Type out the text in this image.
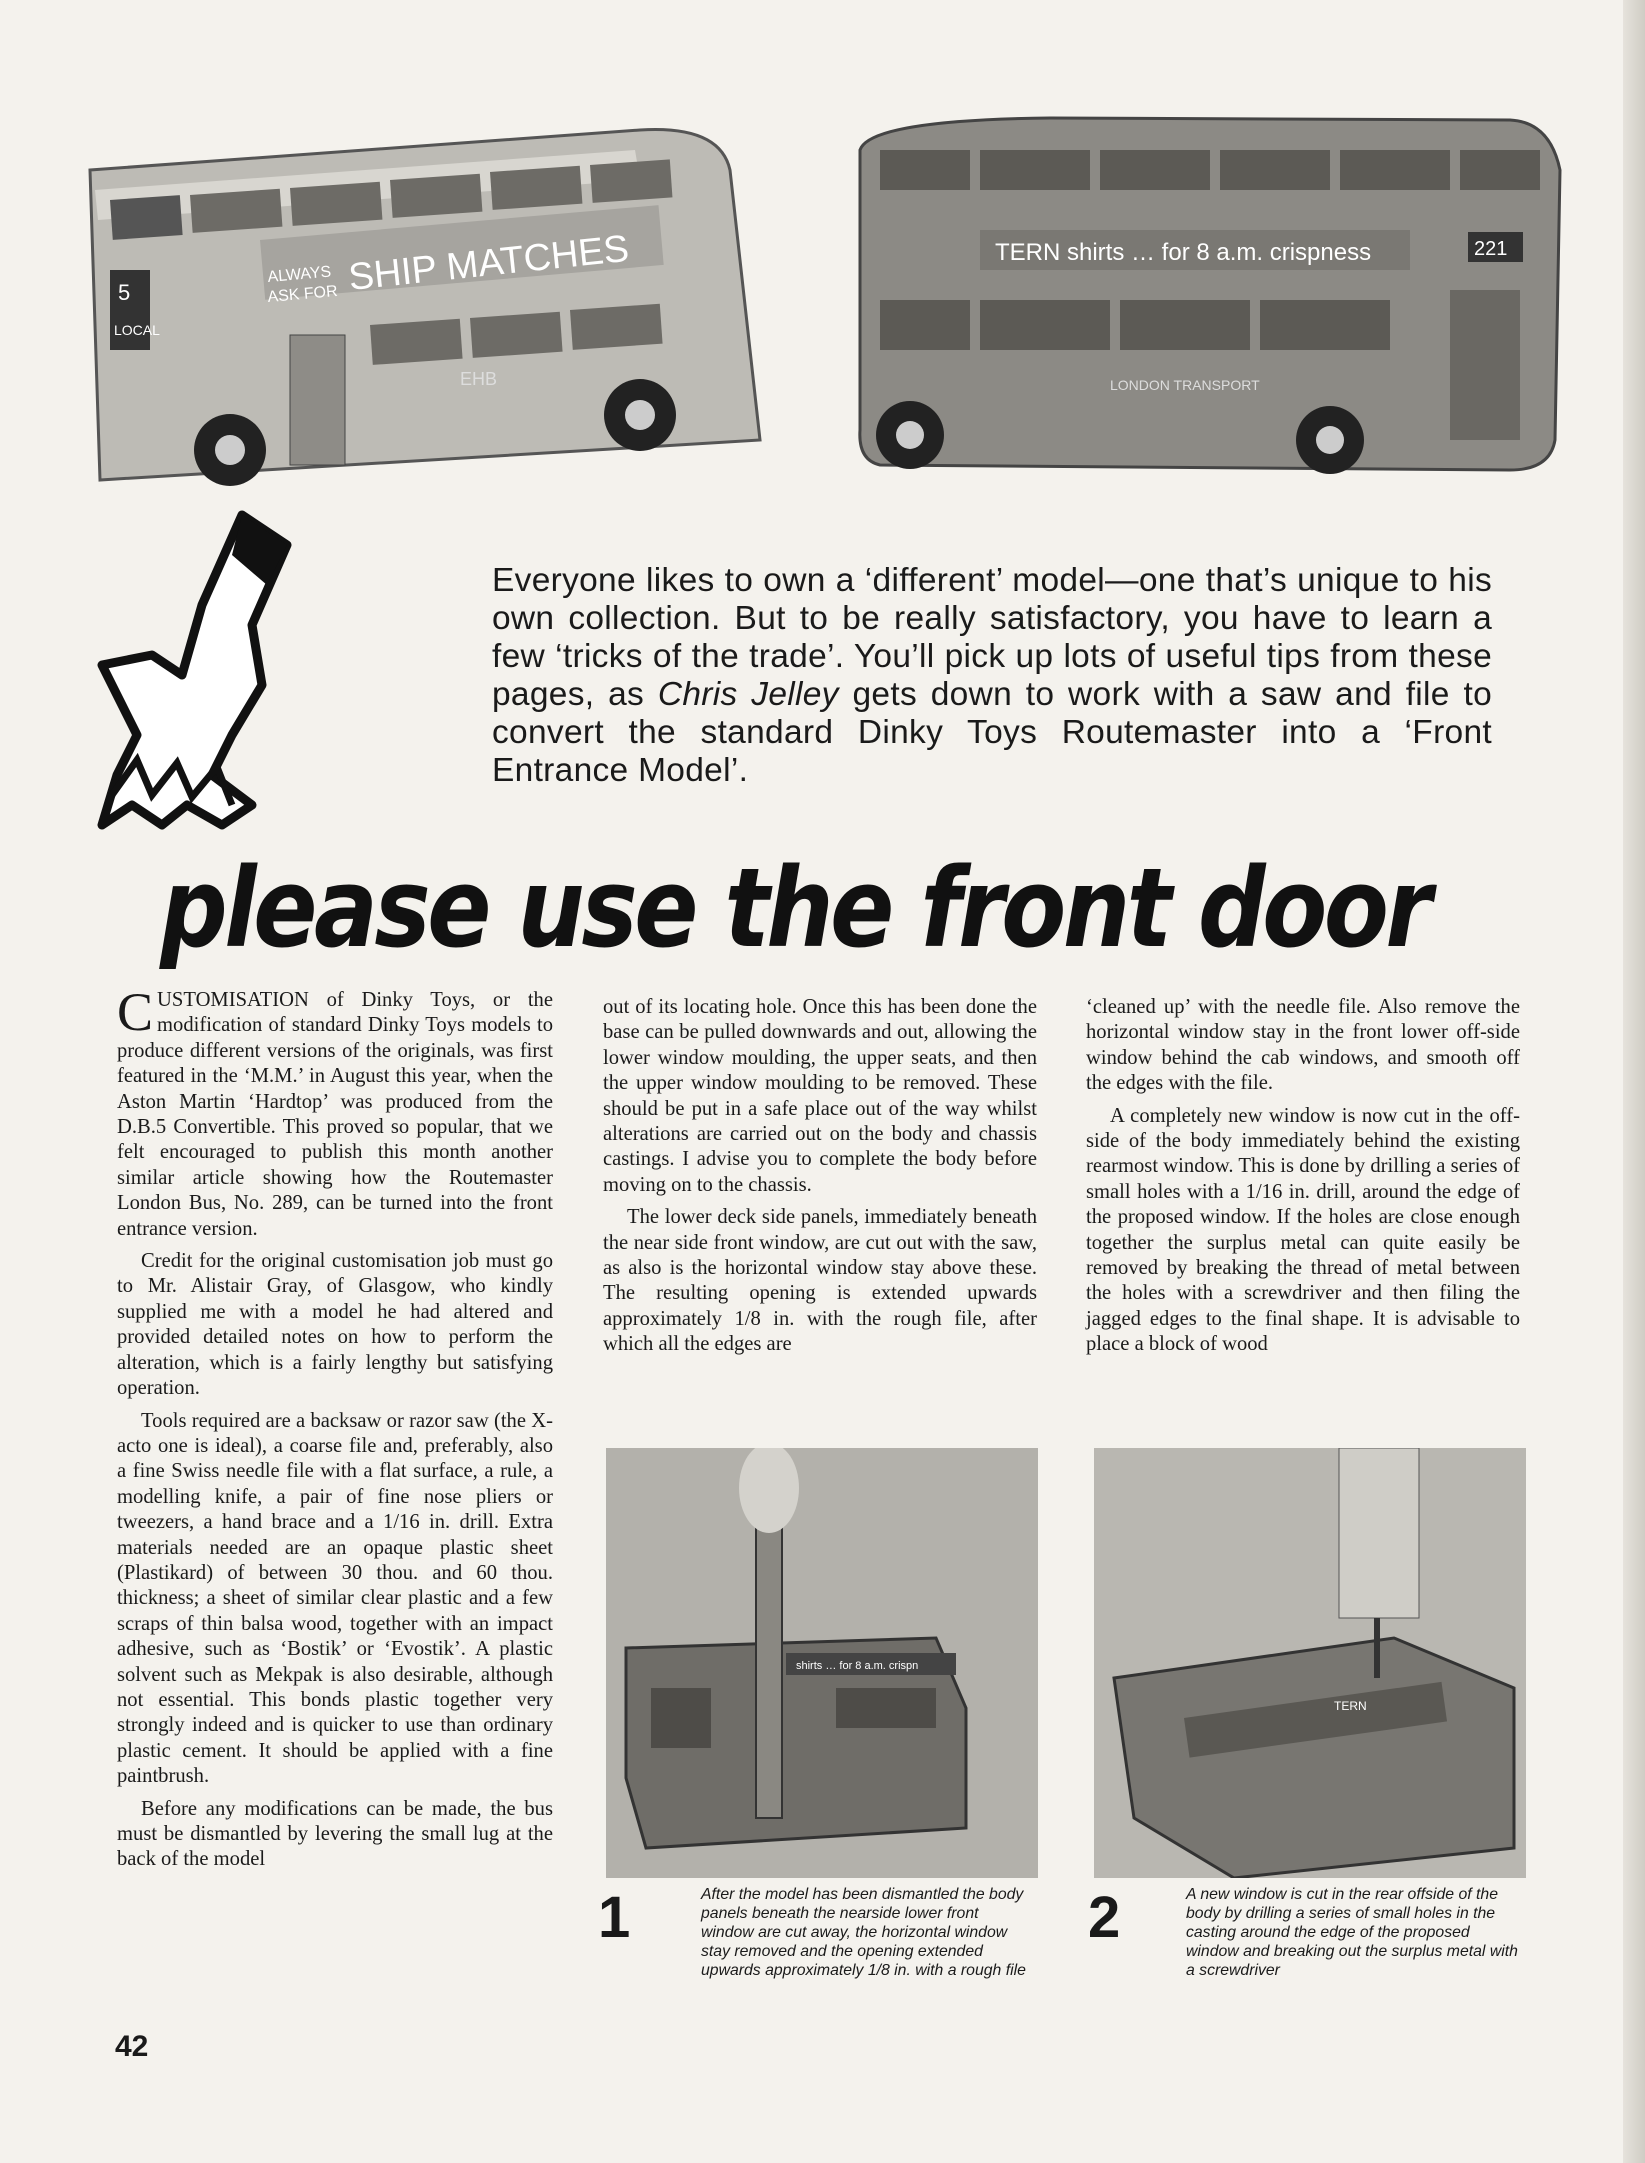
ALWAYS
ASK FOR SHIP MATCHES
5
LOCAL
EHB
TERN shirts … for 8 a.m. crispness	221
LONDON TRANSPORT
Everyone likes to own a ‘different’ model—one that’s unique to his own collection. But to be really satisfactory, you have to learn a few ‘tricks of the trade’. You’ll pick up lots of useful tips from these pages, as Chris Jelley gets down to work with a saw and file to convert the standard Dinky Toys Routemaster into a ‘Front Entrance Model’.
please use the front door

CUSTOMISATION of Dinky Toys, or the modification of standard Dinky Toys models to produce different versions of the originals, was first featured in the ‘M.M.’ in August this year, when the Aston Martin ‘Hardtop’ was produced from the D.B.5 Convertible. This proved so popular, that we felt encouraged to publish this month another similar article showing how the Routemaster London Bus, No. 289, can be turned into the front entrance version.

Credit for the original customisation job must go to Mr. Alistair Gray, of Glasgow, who kindly supplied me with a model he had altered and provided detailed notes on how to perform the alteration, which is a fairly lengthy but satisfying operation.

Tools required are a backsaw or razor saw (the X-acto one is ideal), a coarse file and, preferably, also a fine Swiss needle file with a flat surface, a rule, a modelling knife, a pair of fine nose pliers or tweezers, a hand brace and a 1/16 in. drill. Extra materials needed are an opaque plastic sheet (Plastikard) of between 30 thou. and 60 thou. thickness; a sheet of similar clear plastic and a few scraps of thin balsa wood, together with an impact adhesive, such as ‘Bostik’ or ‘Evostik’. A plastic solvent such as Mekpak is also desirable, although not essential. This bonds plastic together very strongly indeed and is quicker to use than ordinary plastic cement. It should be applied with a fine paintbrush.

Before any modifications can be made, the bus must be dismantled by levering the small lug at the back of the model

out of its locating hole. Once this has been done the base can be pulled downwards and out, allowing the lower window moulding, the upper seats, and then the upper window moulding to be removed. These should be put in a safe place out of the way whilst alterations are carried out on the body and chassis castings. I advise you to complete the body before moving on to the chassis.

The lower deck side panels, immediately beneath the near side front window, are cut out with the saw, as also is the horizontal window stay above these. The resulting opening is extended upwards approximately 1/8 in. with the rough file, after which all the edges are

‘cleaned up’ with the needle file. Also remove the horizontal window stay in the front lower off-side window behind the cab windows, and smooth off the edges with the file.

A completely new window is now cut in the off-side of the body immediately behind the existing rearmost window. This is done by drilling a series of small holes with a 1/16 in. drill, around the edge of the proposed window. If the holes are close enough together the surplus metal can quite easily be removed by breaking the thread of metal between the holes with a screwdriver and then filing the jagged edges to the final shape. It is advisable to place a block of wood

shirts … for 8 a.m. crispn
1	After the model has been dismantled the body panels beneath the nearside lower front window are cut away, the horizontal window stay removed and the opening extended upwards approximately 1/8 in. with a rough file
TERN
2	A new window is cut in the rear offside of the body by drilling a series of small holes in the casting around the edge of the proposed window and breaking out the surplus metal with a screwdriver
42
